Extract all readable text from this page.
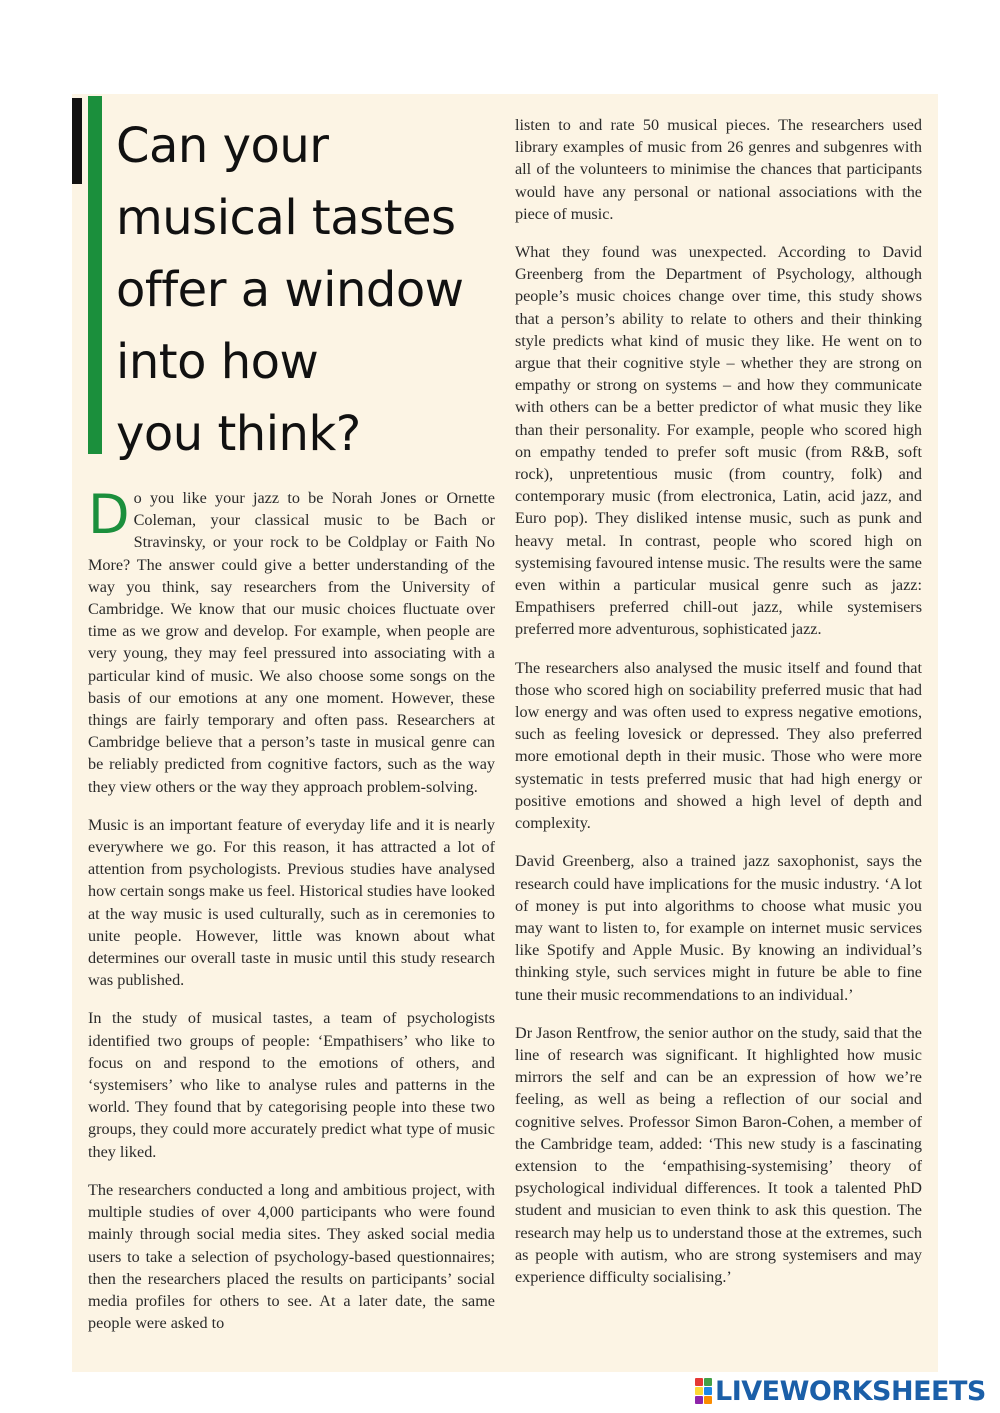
Can your
musical tastes
offer a window
into how
you think?

Do you like your jazz to be Norah Jones or Ornette Coleman, your classical music to be Bach or Stravinsky, or your rock to be Coldplay or Faith No More? The answer could give a better understanding of the way you think, say researchers from the University of Cambridge. We know that our music choices fluctuate over time as we grow and develop. For example, when people are very young, they may feel pressured into associating with a particular kind of music. We also choose some songs on the basis of our emotions at any one moment. However, these things are fairly temporary and often pass. Researchers at Cambridge believe that a person’s taste in musical genre can be reliably predicted from cognitive factors, such as the way they view others or the way they approach problem-solving.

Music is an important feature of everyday life and it is nearly everywhere we go. For this reason, it has attracted a lot of attention from psychologists. Previous studies have analysed how certain songs make us feel. Historical studies have looked at the way music is used culturally, such as in ceremonies to unite people. However, little was known about what determines our overall taste in music until this study research was published.

In the study of musical tastes, a team of psychologists identified two groups of people: ‘Empathisers’ who like to focus on and respond to the emotions of others, and ‘systemisers’ who like to analyse rules and patterns in the world. They found that by categorising people into these two groups, they could more accurately predict what type of music they liked.

The researchers conducted a long and ambitious project, with multiple studies of over 4,000 participants who were found mainly through social media sites. They asked social media users to take a selection of psychology-based questionnaires; then the researchers placed the results on participants’ social media profiles for others to see. At a later date, the same people were asked to

listen to and rate 50 musical pieces. The researchers used library examples of music from 26 genres and subgenres with all of the volunteers to minimise the chances that participants would have any personal or national associations with the piece of music.

What they found was unexpected. According to David Greenberg from the Department of Psychology, although people’s music choices change over time, this study shows that a person’s ability to relate to others and their thinking style predicts what kind of music they like. He went on to argue that their cognitive style – whether they are strong on empathy or strong on systems – and how they communicate with others can be a better predictor of what music they like than their personality. For example, people who scored high on empathy tended to prefer soft music (from R&B, soft rock), unpretentious music (from country, folk) and contemporary music (from electronica, Latin, acid jazz, and Euro pop). They disliked intense music, such as punk and heavy metal. In contrast, people who scored high on systemising favoured intense music. The results were the same even within a particular musical genre such as jazz: Empathisers preferred chill-out jazz, while systemisers preferred more adventurous, sophisticated jazz.

The researchers also analysed the music itself and found that those who scored high on sociability preferred music that had low energy and was often used to express negative emotions, such as feeling lovesick or depressed. They also preferred more emotional depth in their music. Those who were more systematic in tests preferred music that had high energy or positive emotions and showed a high level of depth and complexity.

David Greenberg, also a trained jazz saxophonist, says the research could have implications for the music industry. ‘A lot of money is put into algorithms to choose what music you may want to listen to, for example on internet music services like Spotify and Apple Music. By knowing an individual’s thinking style, such services might in future be able to fine tune their music recommendations to an individual.’

Dr Jason Rentfrow, the senior author on the study, said that the line of research was significant. It highlighted how music mirrors the self and can be an expression of how we’re feeling, as well as being a reflection of our social and cognitive selves. Professor Simon Baron-Cohen, a member of the Cambridge team, added: ‘This new study is a fascinating extension to the ‘empathising-systemising’ theory of psychological individual differences. It took a talented PhD student and musician to even think to ask this question. The research may help us to understand those at the extremes, such as people with autism, who are strong systemisers and may experience difficulty socialising.’

LIVEWORKSHEETS
